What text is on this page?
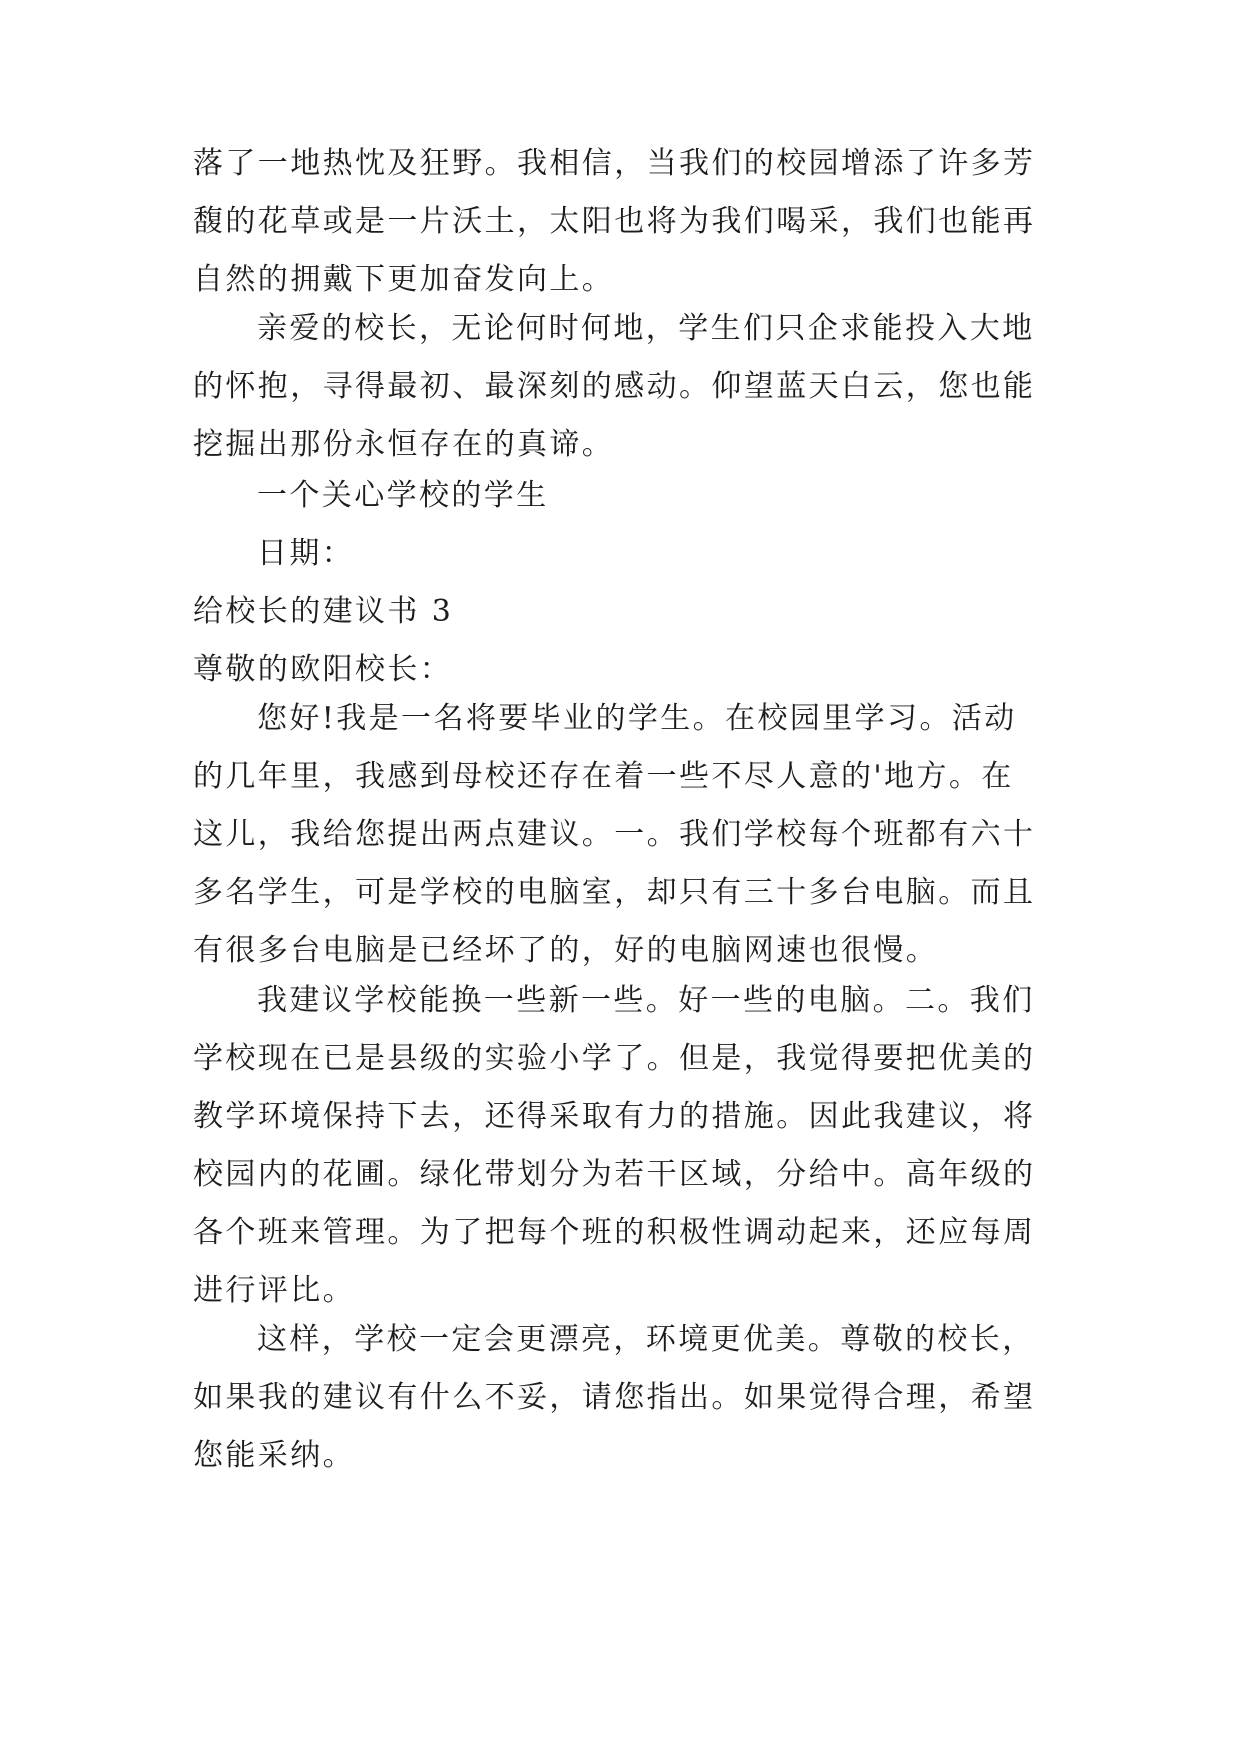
落了一地热忱及狂野。我相信，当我们的校园增添了许多芳
馥的花草或是一片沃土，太阳也将为我们喝采，我们也能再
自然的拥戴下更加奋发向上。
亲爱的校长，无论何时何地，学生们只企求能投入大地
的怀抱，寻得最初、最深刻的感动。仰望蓝天白云，您也能
挖掘出那份永恒存在的真谛。
一个关心学校的学生
日期：
给校长的建议书 3
尊敬的欧阳校长：
您好!我是一名将要毕业的学生。在校园里学习。活动
的几年里，我感到母校还存在着一些不尽人意的'地方。在
这儿，我给您提出两点建议。一。我们学校每个班都有六十
多名学生，可是学校的电脑室，却只有三十多台电脑。而且
有很多台电脑是已经坏了的，好的电脑网速也很慢。
我建议学校能换一些新一些。好一些的电脑。二。我们
学校现在已是县级的实验小学了。但是，我觉得要把优美的
教学环境保持下去，还得采取有力的措施。因此我建议，将
校园内的花圃。绿化带划分为若干区域，分给中。高年级的
各个班来管理。为了把每个班的积极性调动起来，还应每周
进行评比。
这样，学校一定会更漂亮，环境更优美。尊敬的校长，
如果我的建议有什么不妥，请您指出。如果觉得合理，希望
您能采纳。
